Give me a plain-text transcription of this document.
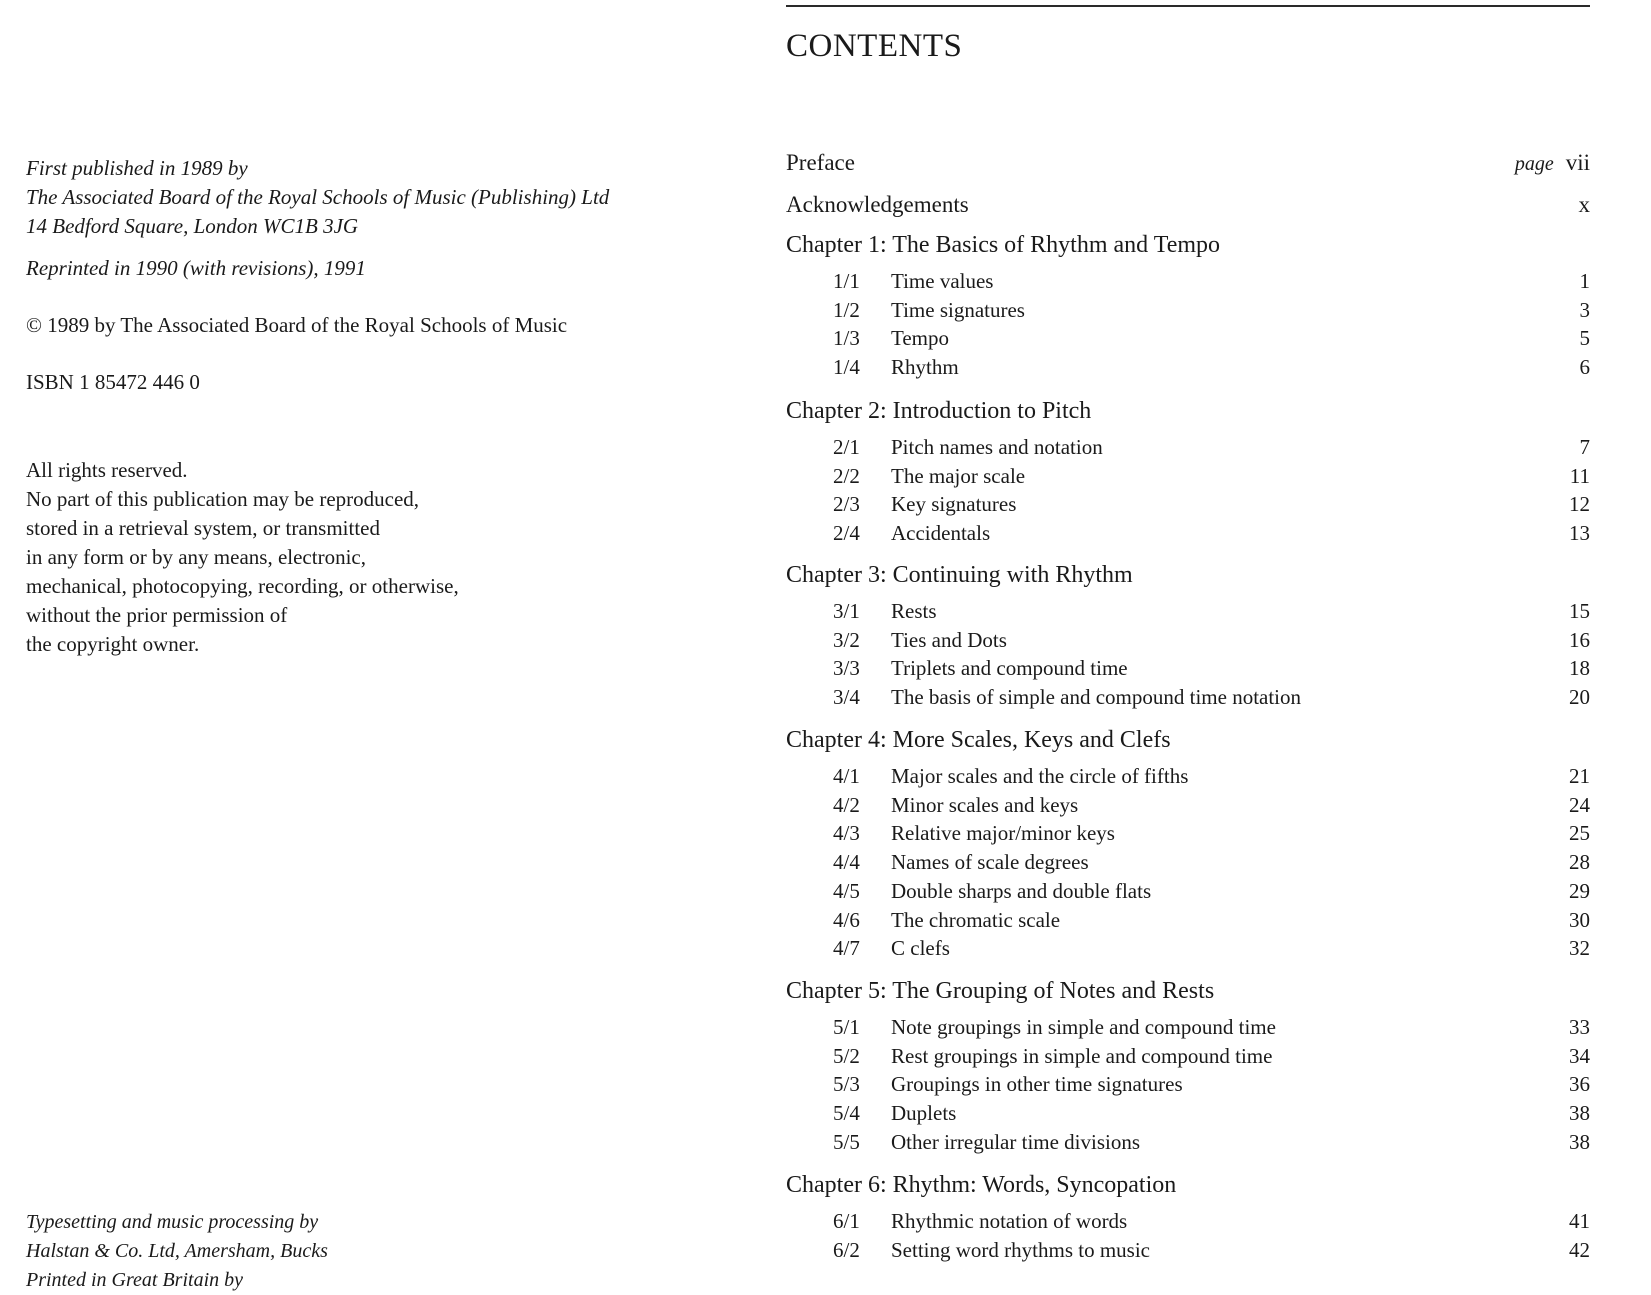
First published in 1989 by
The Associated Board of the Royal Schools of Music (Publishing) Ltd
14 Bedford Square, London WC1B 3JG
Reprinted in 1990 (with revisions), 1991
© 1989 by The Associated Board of the Royal Schools of Music
ISBN 1 85472 446 0
All rights reserved.
No part of this publication may be reproduced,
stored in a retrieval system, or transmitted
in any form or by any means, electronic,
mechanical, photocopying, recording, or otherwise,
without the prior permission of
the copyright owner.
Typesetting and music processing by
Halstan & Co. Ltd, Amersham, Bucks
Printed in Great Britain by
CONTENTS
Preface	page vii
Acknowledgements	x
Chapter 1: The Basics of Rhythm and Tempo
1/1	Time values	1
1/2	Time signatures	3
1/3	Tempo	5
1/4	Rhythm	6
Chapter 2: Introduction to Pitch
2/1	Pitch names and notation	7
2/2	The major scale	11
2/3	Key signatures	12
2/4	Accidentals	13
Chapter 3: Continuing with Rhythm
3/1	Rests	15
3/2	Ties and Dots	16
3/3	Triplets and compound time	18
3/4	The basis of simple and compound time notation	20
Chapter 4: More Scales, Keys and Clefs
4/1	Major scales and the circle of fifths	21
4/2	Minor scales and keys	24
4/3	Relative major/minor keys	25
4/4	Names of scale degrees	28
4/5	Double sharps and double flats	29
4/6	The chromatic scale	30
4/7	C clefs	32
Chapter 5: The Grouping of Notes and Rests
5/1	Note groupings in simple and compound time	33
5/2	Rest groupings in simple and compound time	34
5/3	Groupings in other time signatures	36
5/4	Duplets	38
5/5	Other irregular time divisions	38
Chapter 6: Rhythm: Words, Syncopation
6/1	Rhythmic notation of words	41
6/2	Setting word rhythms to music	42
